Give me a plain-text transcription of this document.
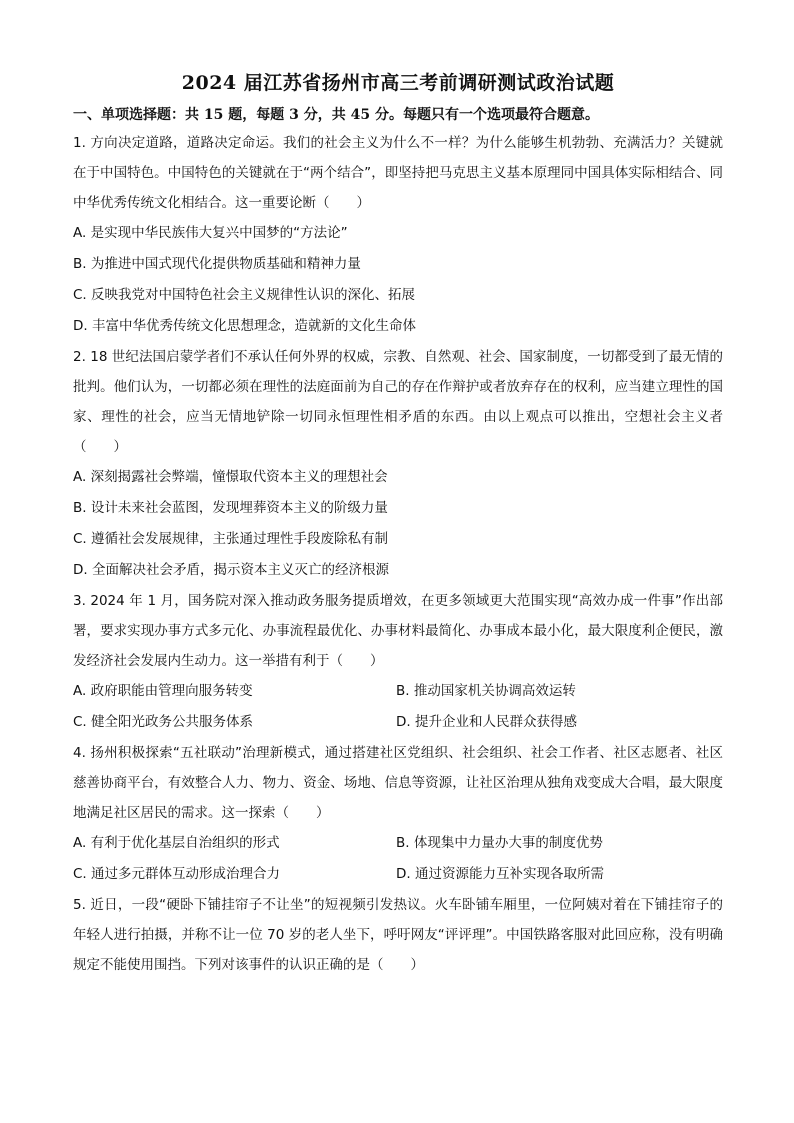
2024 届江苏省扬州市高三考前调研测试政治试题

一、单项选择题：共 15 题，每题 3 分，共 45 分。每题只有一个选项最符合题意。

1. 方向决定道路，道路决定命运。我们的社会主义为什么不一样？为什么能够生机勃勃、充满活力？关键就在于中国特色。中国特色的关键就在于“两个结合”，即坚持把马克思主义基本原理同中国具体实际相结合、同中华优秀传统文化相结合。这一重要论断（　　）

A. 是实现中华民族伟大复兴中国梦的“方法论”

B. 为推进中国式现代化提供物质基础和精神力量

C. 反映我党对中国特色社会主义规律性认识的深化、拓展

D. 丰富中华优秀传统文化思想理念，造就新的文化生命体

2. 18 世纪法国启蒙学者们不承认任何外界的权威，宗教、自然观、社会、国家制度，一切都受到了最无情的批判。他们认为，一切都必须在理性的法庭面前为自己的存在作辩护或者放弃存在的权利，应当建立理性的国家、理性的社会，应当无情地铲除一切同永恒理性相矛盾的东西。由以上观点可以推出，空想社会主义者（　　）

A. 深刻揭露社会弊端，憧憬取代资本主义的理想社会

B. 设计未来社会蓝图，发现埋葬资本主义的阶级力量

C. 遵循社会发展规律，主张通过理性手段废除私有制

D. 全面解决社会矛盾，揭示资本主义灭亡的经济根源

3. 2024 年 1 月，国务院对深入推动政务服务提质增效，在更多领域更大范围实现“高效办成一件事”作出部署，要求实现办事方式多元化、办事流程最优化、办事材料最简化、办事成本最小化，最大限度利企便民，激发经济社会发展内生动力。这一举措有利于（　　）

A. 政府职能由管理向服务转变	B. 推动国家机关协调高效运转
C. 健全阳光政务公共服务体系	D. 提升企业和人民群众获得感

4. 扬州积极探索“五社联动”治理新模式，通过搭建社区党组织、社会组织、社会工作者、社区志愿者、社区慈善协商平台，有效整合人力、物力、资金、场地、信息等资源，让社区治理从独角戏变成大合唱，最大限度地满足社区居民的需求。这一探索（　　）

A. 有利于优化基层自治组织的形式	B. 体现集中力量办大事的制度优势
C. 通过多元群体互动形成治理合力	D. 通过资源能力互补实现各取所需

5. 近日，一段“硬卧下铺挂帘子不让坐”的短视频引发热议。火车卧铺车厢里，一位阿姨对着在下铺挂帘子的年轻人进行拍摄，并称不让一位 70 岁的老人坐下，呼吁网友“评评理”。中国铁路客服对此回应称，没有明确规定不能使用围挡。下列对该事件的认识正确的是（　　）
